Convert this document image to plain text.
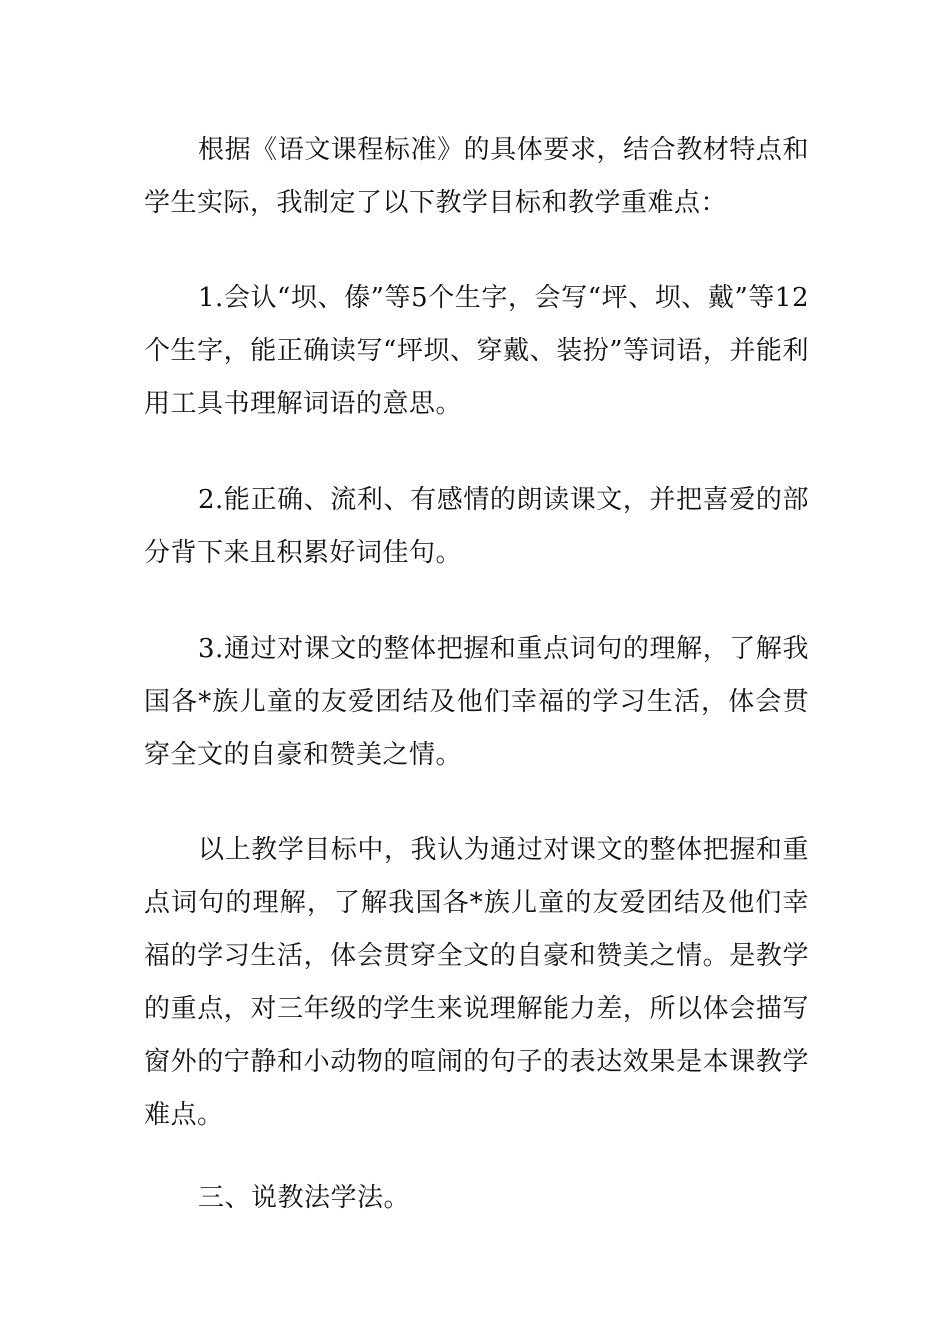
根据《语文课程标准》的具体要求，结合教材特点和学生实际，我制定了以下教学目标和教学重难点：

1.会认“坝、傣”等5个生字，会写“坪、坝、戴”等12个生字，能正确读写“坪坝、穿戴、装扮”等词语，并能利用工具书理解词语的意思。

2.能正确、流利、有感情的朗读课文，并把喜爱的部分背下来且积累好词佳句。

3.通过对课文的整体把握和重点词句的理解，了解我国各*族儿童的友爱团结及他们幸福的学习生活，体会贯穿全文的自豪和赞美之情。

以上教学目标中，我认为通过对课文的整体把握和重点词句的理解，了解我国各*族儿童的友爱团结及他们幸福的学习生活，体会贯穿全文的自豪和赞美之情。是教学的重点，对三年级的学生来说理解能力差，所以体会描写窗外的宁静和小动物的喧闹的句子的表达效果是本课教学难点。

三、说教法学法。
